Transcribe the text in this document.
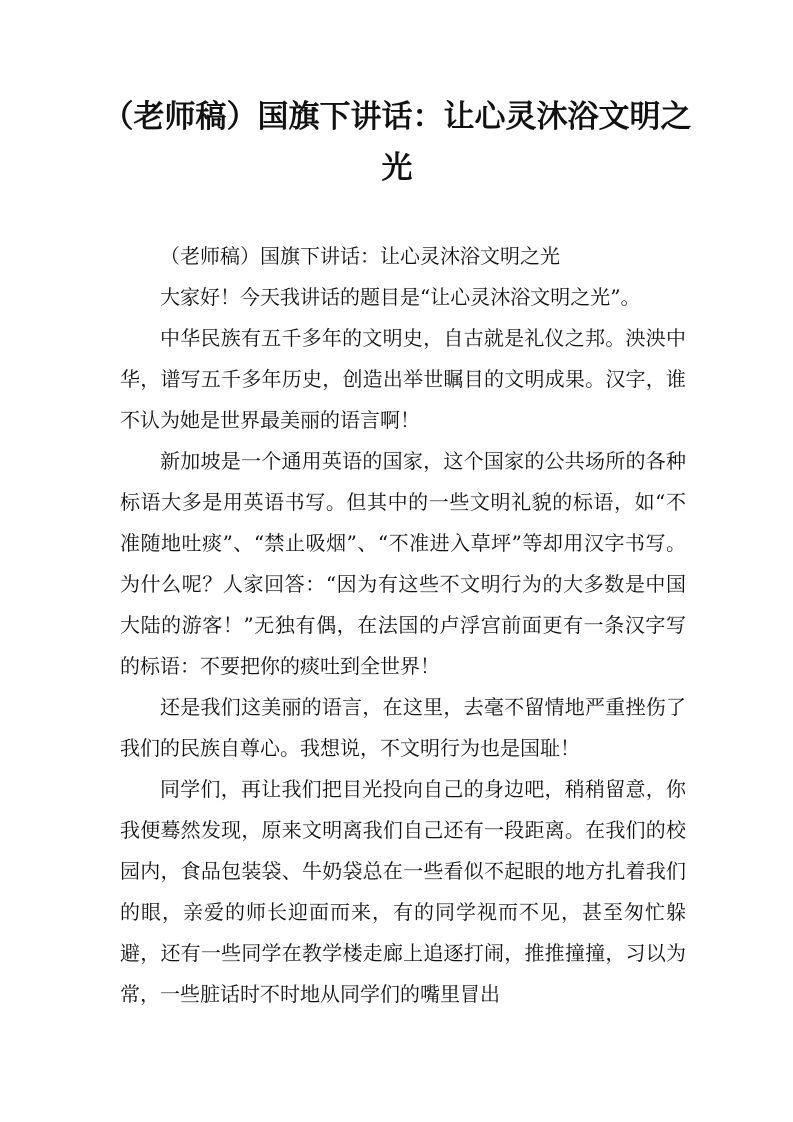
（老师稿）国旗下讲话：让心灵沐浴文明之光

（老师稿）国旗下讲话：让心灵沐浴文明之光

大家好！今天我讲话的题目是“让心灵沐浴文明之光”。

中华民族有五千多年的文明史，自古就是礼仪之邦。泱泱中华，谱写五千多年历史，创造出举世瞩目的文明成果。汉字，谁不认为她是世界最美丽的语言啊！

新加坡是一个通用英语的国家，这个国家的公共场所的各种标语大多是用英语书写。但其中的一些文明礼貌的标语，如“不准随地吐痰”、“禁止吸烟”、“不准进入草坪”等却用汉字书写。为什么呢？人家回答：“因为有这些不文明行为的大多数是中国大陆的游客！”无独有偶，在法国的卢浮宫前面更有一条汉字写的标语：不要把你的痰吐到全世界！

还是我们这美丽的语言，在这里，去毫不留情地严重挫伤了我们的民族自尊心。我想说，不文明行为也是国耻！

同学们，再让我们把目光投向自己的身边吧，稍稍留意，你我便蓦然发现，原来文明离我们自己还有一段距离。在我们的校园内，食品包装袋、牛奶袋总在一些看似不起眼的地方扎着我们的眼，亲爱的师长迎面而来，有的同学视而不见，甚至匆忙躲避，还有一些同学在教学楼走廊上追逐打闹，推推撞撞，习以为常，一些脏话时不时地从同学们的嘴里冒出
